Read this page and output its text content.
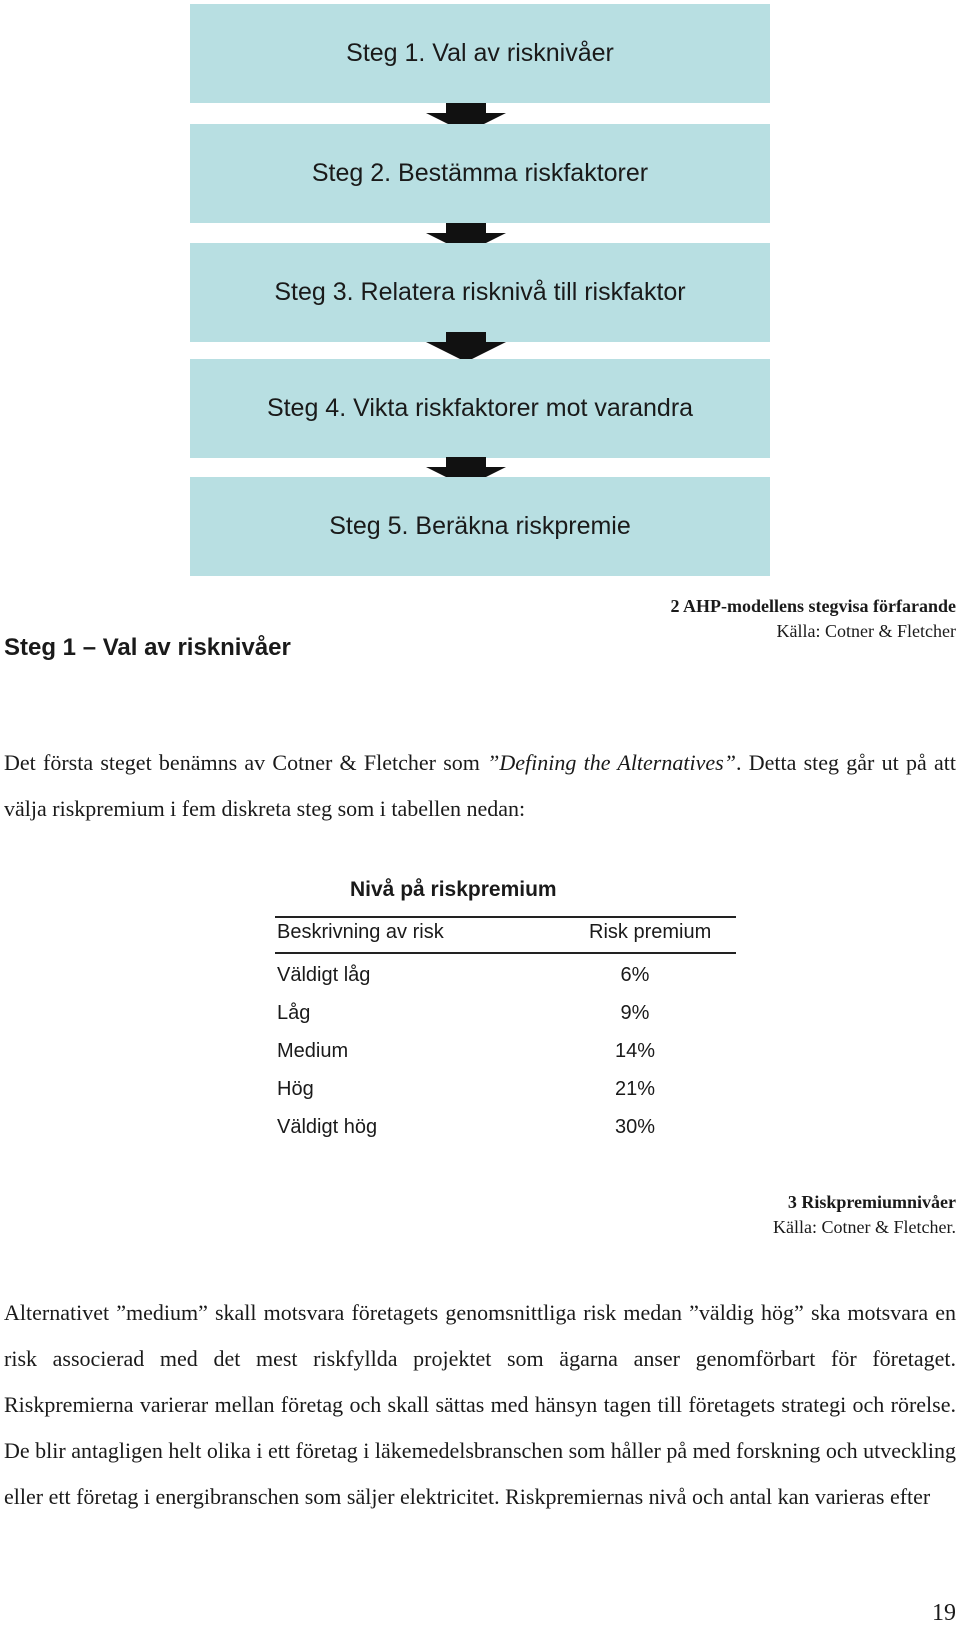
Steg 1. Val av risknivåer
Steg 2. Bestämma riskfaktorer
Steg 3. Relatera risknivå till riskfaktor
Steg 4. Vikta riskfaktorer mot varandra
Steg 5. Beräkna riskpremie
2 AHP-modellens stegvisa förfarande
Källa: Cotner & Fletcher
Steg 1 – Val av risknivåer

Det första steget benämns av Cotner & Fletcher som ”Defining the Alternatives”. Detta steg går ut på att välja riskpremium i fem diskreta steg som i tabellen nedan:

Nivå på riskpremium
Beskrivning av risk	Risk premium
Väldigt låg	6%
Låg	9%
Medium	14%
Hög	21%
Väldigt hög	30%
3 Riskpremiumnivåer
Källa: Cotner & Fletcher.

Alternativet ”medium” skall motsvara företagets genomsnittliga risk medan ”väldig hög” ska motsvara en risk associerad med det mest riskfyllda projektet som ägarna anser genomförbart för företaget. Riskpremierna varierar mellan företag och skall sättas med hänsyn tagen till företagets strategi och rörelse. De blir antagligen helt olika i ett företag i läkemedelsbranschen som håller på med forskning och utveckling eller ett företag i energibranschen som säljer elektricitet. Riskpremiernas nivå och antal kan varieras efter

19
